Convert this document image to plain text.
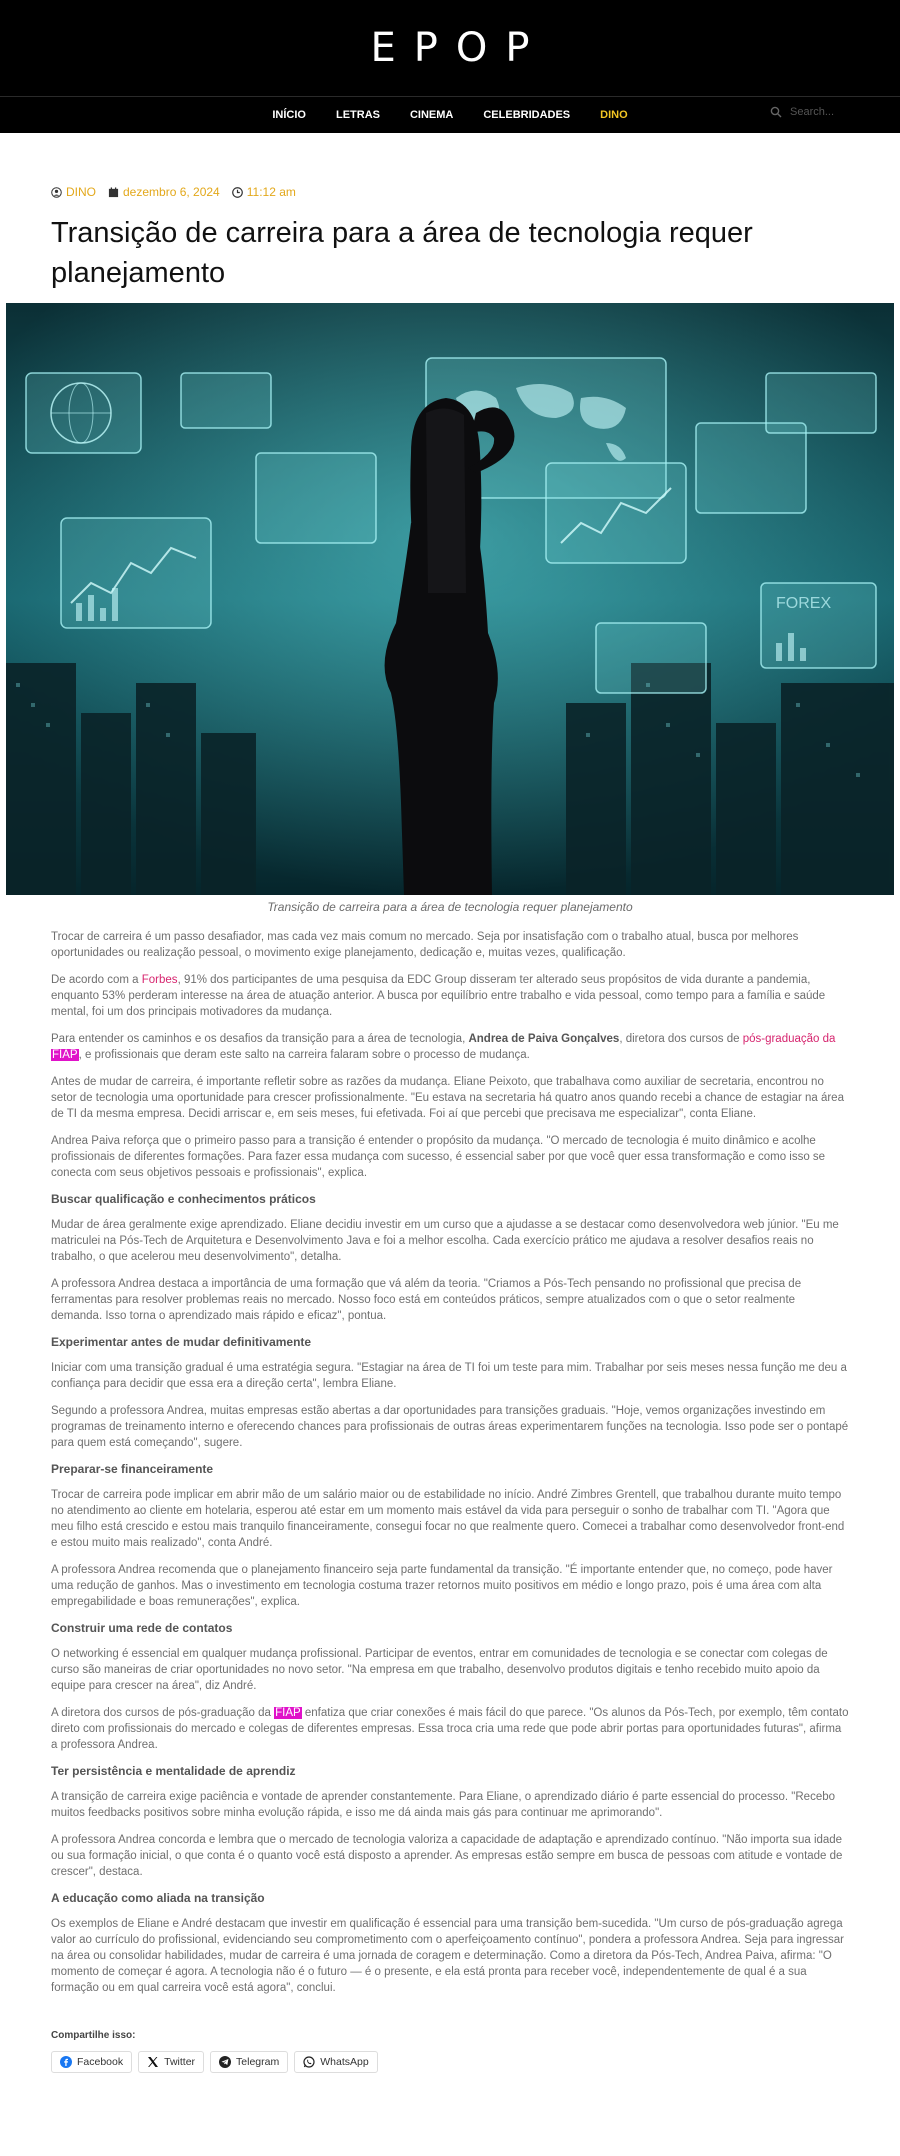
EPOP
INÍCIO	LETRAS	CINEMA	CELEBRIDADES	DINO
Search...
DINO dezembro 6, 2024 11:12 am
Transição de carreira para a área de tecnologia requer planejamento
FOREX
Transição de carreira para a área de tecnologia requer planejamento

Trocar de carreira é um passo desafiador, mas cada vez mais comum no mercado. Seja por insatisfação com o trabalho atual, busca por melhores oportunidades ou realização pessoal, o movimento exige planejamento, dedicação e, muitas vezes, qualificação.

De acordo com a Forbes, 91% dos participantes de uma pesquisa da EDC Group disseram ter alterado seus propósitos de vida durante a pandemia, enquanto 53% perderam interesse na área de atuação anterior. A busca por equilíbrio entre trabalho e vida pessoal, como tempo para a família e saúde mental, foi um dos principais motivadores da mudança.

Para entender os caminhos e os desafios da transição para a área de tecnologia, Andrea de Paiva Gonçalves, diretora dos cursos de pós-graduação da FIAP, e profissionais que deram este salto na carreira falaram sobre o processo de mudança.

Antes de mudar de carreira, é importante refletir sobre as razões da mudança. Eliane Peixoto, que trabalhava como auxiliar de secretaria, encontrou no setor de tecnologia uma oportunidade para crescer profissionalmente. "Eu estava na secretaria há quatro anos quando recebi a chance de estagiar na área de TI da mesma empresa. Decidi arriscar e, em seis meses, fui efetivada. Foi aí que percebi que precisava me especializar", conta Eliane.

Andrea Paiva reforça que o primeiro passo para a transição é entender o propósito da mudança. "O mercado de tecnologia é muito dinâmico e acolhe profissionais de diferentes formações. Para fazer essa mudança com sucesso, é essencial saber por que você quer essa transformação e como isso se conecta com seus objetivos pessoais e profissionais", explica.

Buscar qualificação e conhecimentos práticos

Mudar de área geralmente exige aprendizado. Eliane decidiu investir em um curso que a ajudasse a se destacar como desenvolvedora web júnior. "Eu me matriculei na Pós-Tech de Arquitetura e Desenvolvimento Java e foi a melhor escolha. Cada exercício prático me ajudava a resolver desafios reais no trabalho, o que acelerou meu desenvolvimento", detalha.

A professora Andrea destaca a importância de uma formação que vá além da teoria. "Criamos a Pós-Tech pensando no profissional que precisa de ferramentas para resolver problemas reais no mercado. Nosso foco está em conteúdos práticos, sempre atualizados com o que o setor realmente demanda. Isso torna o aprendizado mais rápido e eficaz", pontua.

Experimentar antes de mudar definitivamente

Iniciar com uma transição gradual é uma estratégia segura. "Estagiar na área de TI foi um teste para mim. Trabalhar por seis meses nessa função me deu a confiança para decidir que essa era a direção certa", lembra Eliane.

Segundo a professora Andrea, muitas empresas estão abertas a dar oportunidades para transições graduais. "Hoje, vemos organizações investindo em programas de treinamento interno e oferecendo chances para profissionais de outras áreas experimentarem funções na tecnologia. Isso pode ser o pontapé para quem está começando", sugere.

Preparar-se financeiramente

Trocar de carreira pode implicar em abrir mão de um salário maior ou de estabilidade no início. André Zimbres Grentell, que trabalhou durante muito tempo no atendimento ao cliente em hotelaria, esperou até estar em um momento mais estável da vida para perseguir o sonho de trabalhar com TI. "Agora que meu filho está crescido e estou mais tranquilo financeiramente, consegui focar no que realmente quero. Comecei a trabalhar como desenvolvedor front-end e estou muito mais realizado", conta André.

A professora Andrea recomenda que o planejamento financeiro seja parte fundamental da transição. "É importante entender que, no começo, pode haver uma redução de ganhos. Mas o investimento em tecnologia costuma trazer retornos muito positivos em médio e longo prazo, pois é uma área com alta empregabilidade e boas remunerações", explica.

Construir uma rede de contatos

O networking é essencial em qualquer mudança profissional. Participar de eventos, entrar em comunidades de tecnologia e se conectar com colegas de curso são maneiras de criar oportunidades no novo setor. "Na empresa em que trabalho, desenvolvo produtos digitais e tenho recebido muito apoio da equipe para crescer na área", diz André.

A diretora dos cursos de pós-graduação da FIAP enfatiza que criar conexões é mais fácil do que parece. "Os alunos da Pós-Tech, por exemplo, têm contato direto com profissionais do mercado e colegas de diferentes empresas. Essa troca cria uma rede que pode abrir portas para oportunidades futuras", afirma a professora Andrea.

Ter persistência e mentalidade de aprendiz

A transição de carreira exige paciência e vontade de aprender constantemente. Para Eliane, o aprendizado diário é parte essencial do processo. "Recebo muitos feedbacks positivos sobre minha evolução rápida, e isso me dá ainda mais gás para continuar me aprimorando".

A professora Andrea concorda e lembra que o mercado de tecnologia valoriza a capacidade de adaptação e aprendizado contínuo. "Não importa sua idade ou sua formação inicial, o que conta é o quanto você está disposto a aprender. As empresas estão sempre em busca de pessoas com atitude e vontade de crescer", destaca.

A educação como aliada na transição

Os exemplos de Eliane e André destacam que investir em qualificação é essencial para uma transição bem-sucedida. "Um curso de pós-graduação agrega valor ao currículo do profissional, evidenciando seu comprometimento com o aperfeiçoamento contínuo", pondera a professora Andrea. Seja para ingressar na área ou consolidar habilidades, mudar de carreira é uma jornada de coragem e determinação. Como a diretora da Pós-Tech, Andrea Paiva, afirma: "O momento de começar é agora. A tecnologia não é o futuro — é o presente, e ela está pronta para receber você, independentemente de qual é a sua formação ou em qual carreira você está agora", conclui.

Compartilhe isso:
Facebook	Twitter	Telegram	WhatsApp
